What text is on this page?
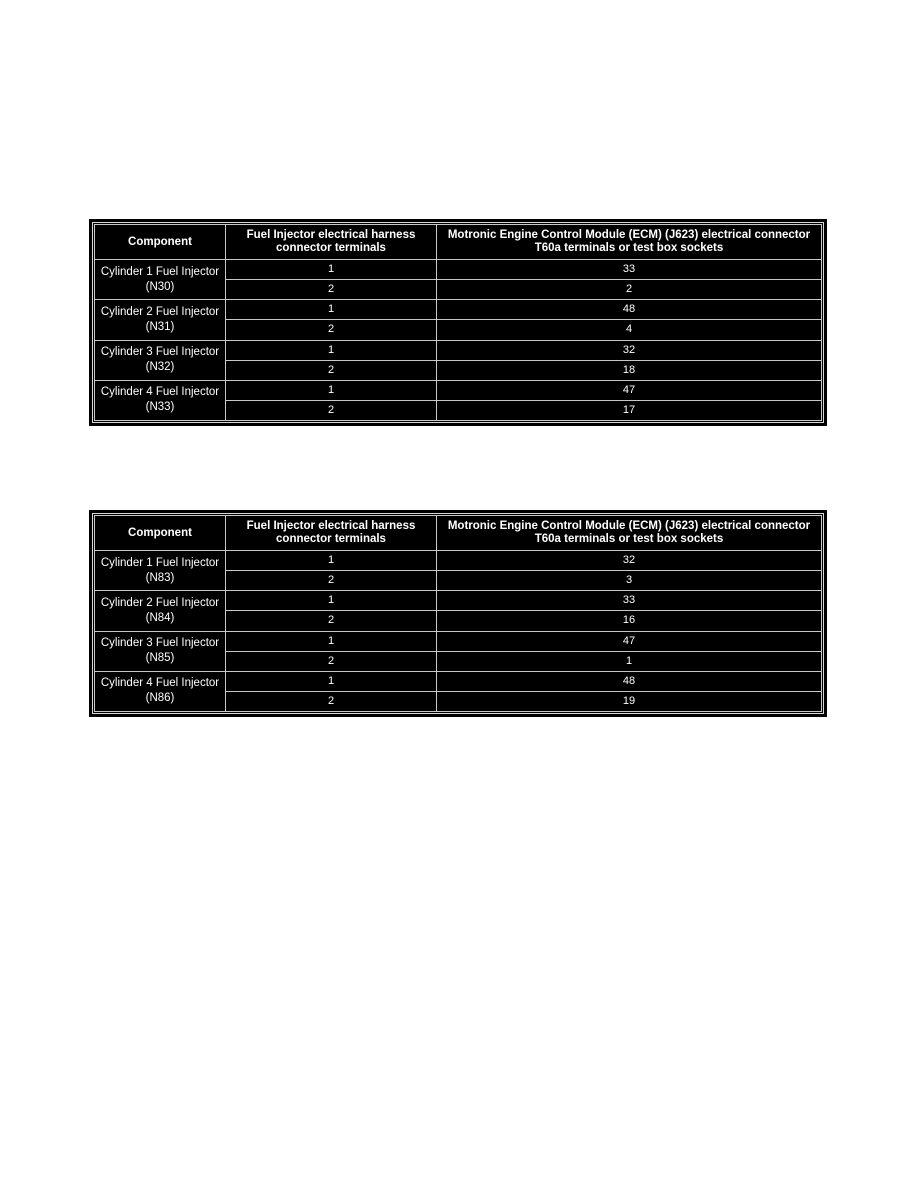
Component	Fuel Injector electrical harness connector terminals	Motronic Engine Control Module (ECM) (J623) electrical connector T60a terminals or test box sockets
Cylinder 1 Fuel Injector (N30)	1	33
	2	2
Cylinder 2 Fuel Injector (N31)	1	48
	2	4
Cylinder 3 Fuel Injector (N32)	1	32
	2	18
Cylinder 4 Fuel Injector (N33)	1	47
	2	17
Component	Fuel Injector electrical harness connector terminals	Motronic Engine Control Module (ECM) (J623) electrical connector T60a terminals or test box sockets
Cylinder 1 Fuel Injector (N83)	1	32
	2	3
Cylinder 2 Fuel Injector (N84)	1	33
	2	16
Cylinder 3 Fuel Injector (N85)	1	47
	2	1
Cylinder 4 Fuel Injector (N86)	1	48
	2	19
